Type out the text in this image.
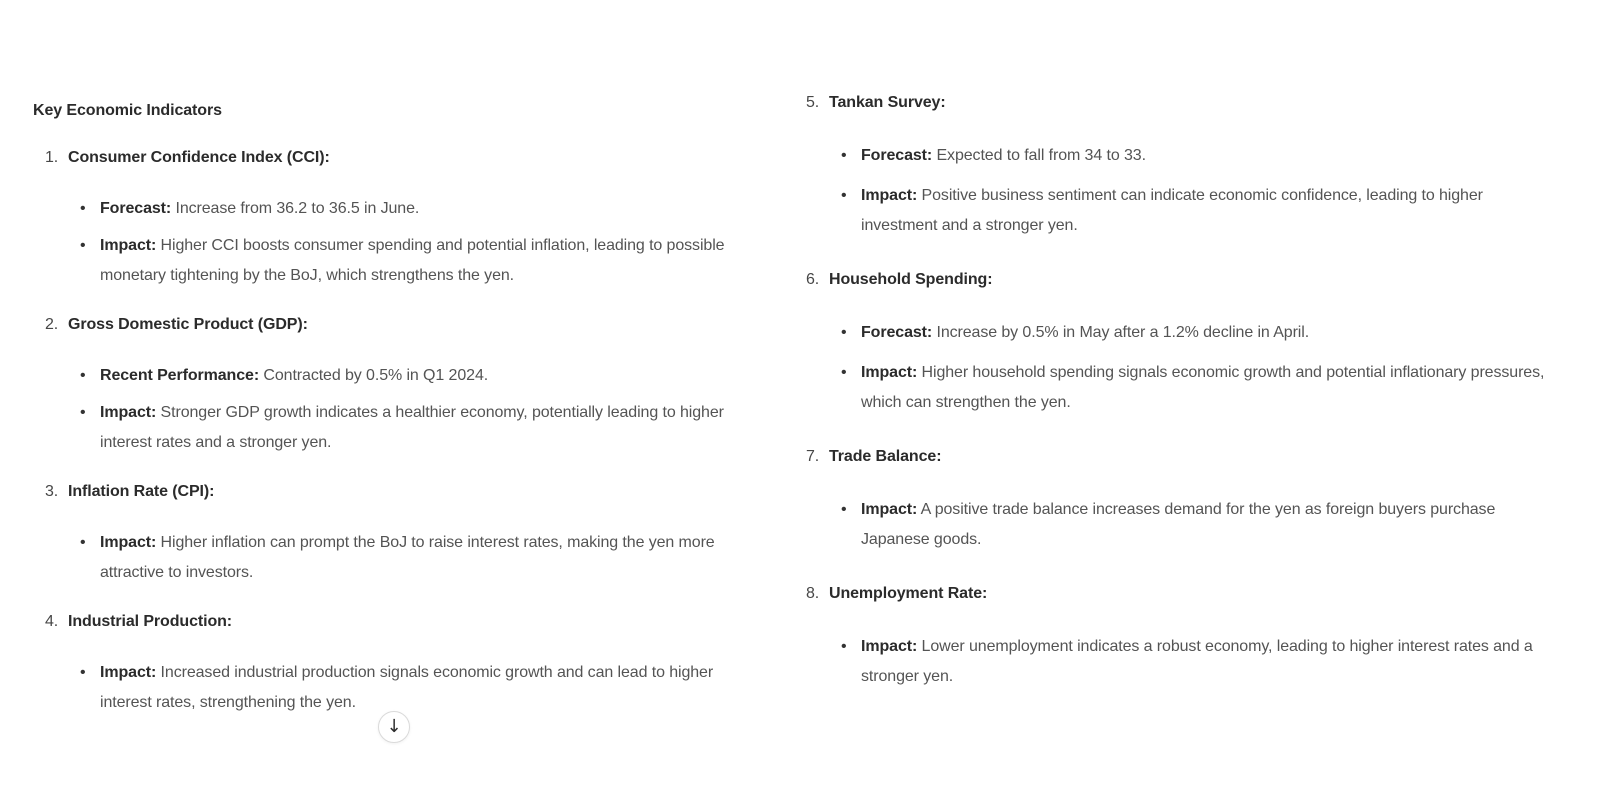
Key Economic Indicators
1. Consumer Confidence Index (CCI):
• Forecast: Increase from 36.2 to 36.5 in June.
• Impact: Higher CCI boosts consumer spending and potential inflation, leading to possible monetary tightening by the BoJ, which strengthens the yen.
2. Gross Domestic Product (GDP):
• Recent Performance: Contracted by 0.5% in Q1 2024.
• Impact: Stronger GDP growth indicates a healthier economy, potentially leading to higher interest rates and a stronger yen.
3. Inflation Rate (CPI):
• Impact: Higher inflation can prompt the BoJ to raise interest rates, making the yen more attractive to investors.
4. Industrial Production:
• Impact: Increased industrial production signals economic growth and can lead to higher interest rates, strengthening the yen.
5. Tankan Survey:
• Forecast: Expected to fall from 34 to 33.
• Impact: Positive business sentiment can indicate economic confidence, leading to higher investment and a stronger yen.
6. Household Spending:
• Forecast: Increase by 0.5% in May after a 1.2% decline in April.
• Impact: Higher household spending signals economic growth and potential inflationary pressures, which can strengthen the yen.
7. Trade Balance:
• Impact: A positive trade balance increases demand for the yen as foreign buyers purchase Japanese goods.
8. Unemployment Rate:
• Impact: Lower unemployment indicates a robust economy, leading to higher interest rates and a stronger yen.
↓
